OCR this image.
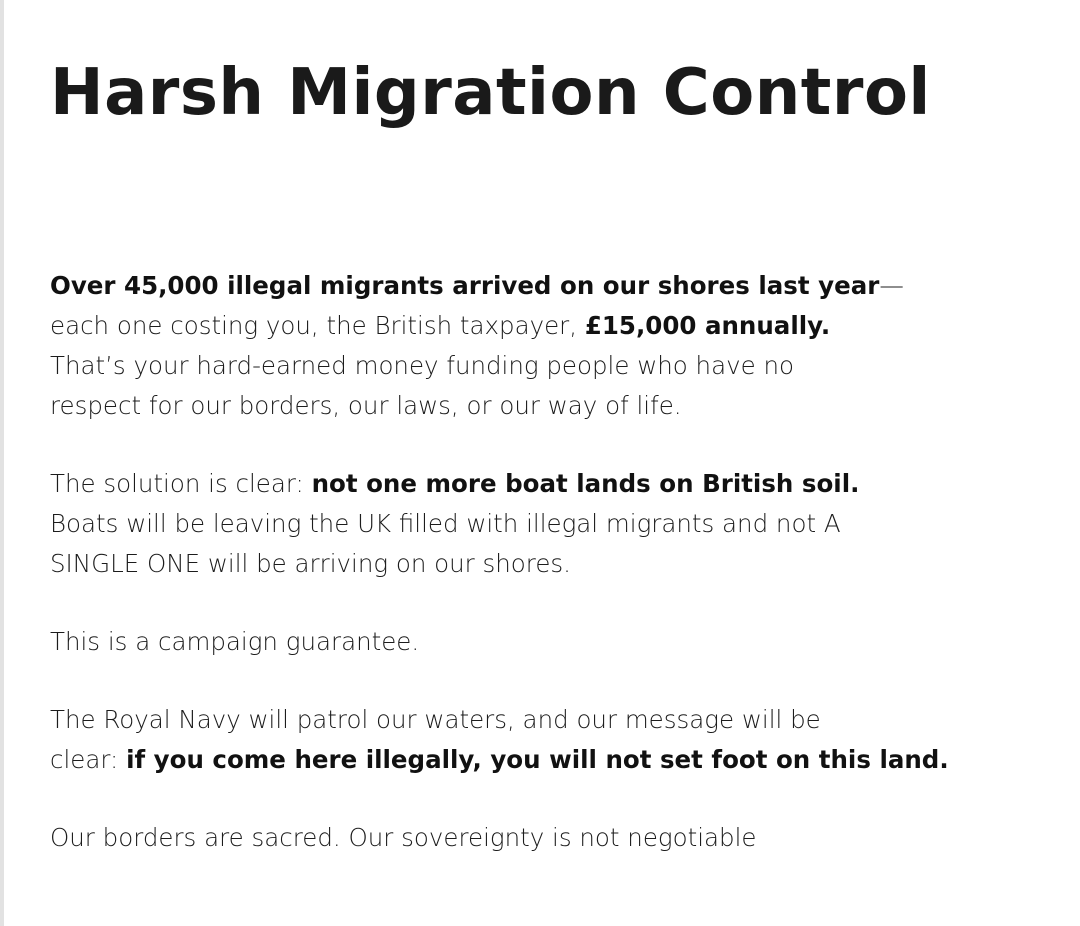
Harsh Migration Control

Over 45,000 illegal migrants arrived on our shores last year—
each one costing you, the British taxpayer, £15,000 annually.
That’s your hard-earned money funding people who have no
respect for our borders, our laws, or our way of life.

The solution is clear: not one more boat lands on British soil.
Boats will be leaving the UK filled with illegal migrants and not A
SINGLE ONE will be arriving on our shores.

This is a campaign guarantee.

The Royal Navy will patrol our waters, and our message will be
clear: if you come here illegally, you will not set foot on this land.

Our borders are sacred. Our sovereignty is not negotiable
